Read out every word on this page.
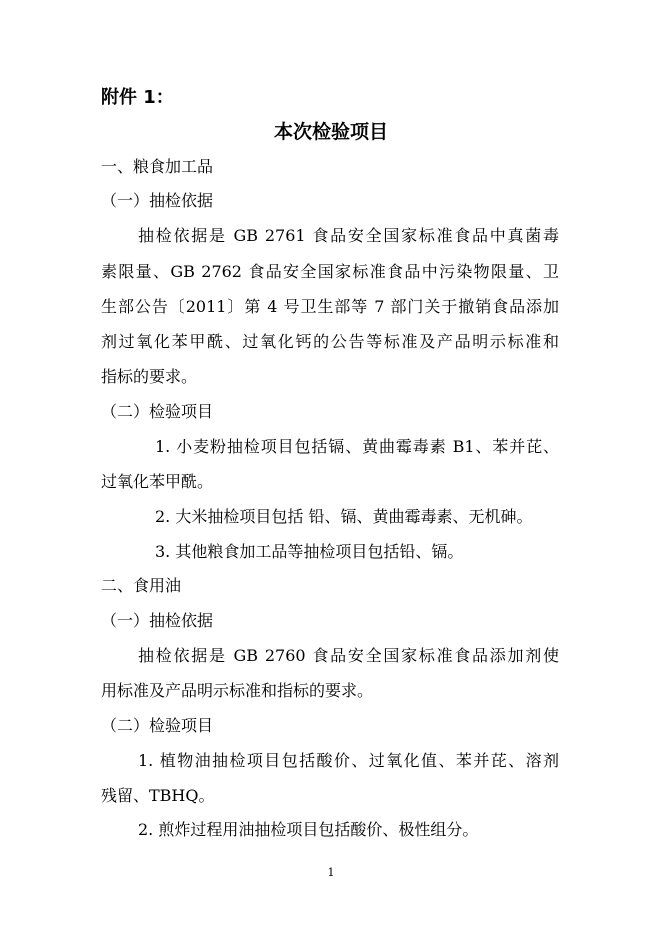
附件 1：
本次检验项目
一、粮食加工品
（一）抽检依据
抽检依据是 GB 2761 食品安全国家标准食品中真菌毒
素限量、GB 2762 食品安全国家标准食品中污染物限量、卫
生部公告〔2011〕第 4 号卫生部等 7 部门关于撤销食品添加
剂过氧化苯甲酰、过氧化钙的公告等标准及产品明示标准和
指标的要求。
（二）检验项目
1. 小麦粉抽检项目包括镉、黄曲霉毒素 B1、苯并芘、
过氧化苯甲酰。
2. 大米抽检项目包括 铅、镉、黄曲霉毒素、无机砷。
3. 其他粮食加工品等抽检项目包括铅、镉。
二、食用油
（一）抽检依据
抽检依据是 GB 2760 食品安全国家标准食品添加剂使
用标准及产品明示标准和指标的要求。
（二）检验项目
1. 植物油抽检项目包括酸价、过氧化值、苯并芘、溶剂
残留、TBHQ。
2. 煎炸过程用油抽检项目包括酸价、极性组分。
1
